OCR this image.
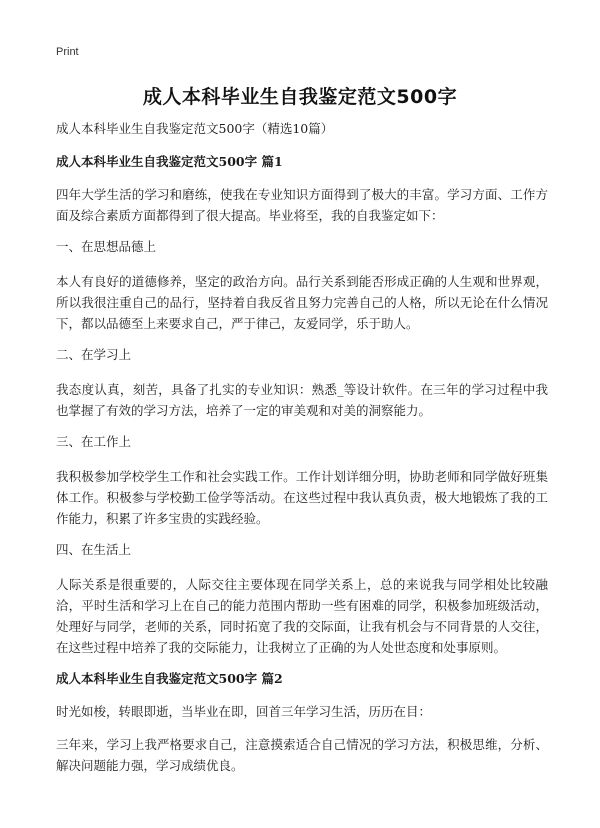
Print
成人本科毕业生自我鉴定范文500字

成人本科毕业生自我鉴定范文500字（精选10篇）

成人本科毕业生自我鉴定范文500字 篇1

四年大学生活的学习和磨练，使我在专业知识方面得到了极大的丰富。学习方面、工作方面及综合素质方面都得到了很大提高。毕业将至，我的自我鉴定如下：

一、在思想品德上

本人有良好的道德修养，坚定的政治方向。品行关系到能否形成正确的人生观和世界观，所以我很注重自己的品行，坚持着自我反省且努力完善自己的人格，所以无论在什么情况下，都以品德至上来要求自己，严于律己，友爱同学，乐于助人。

二、在学习上

我态度认真，刻苦，具备了扎实的专业知识：熟悉_等设计软件。在三年的学习过程中我也掌握了有效的学习方法，培养了一定的审美观和对美的洞察能力。

三、在工作上

我积极参加学校学生工作和社会实践工作。工作计划详细分明，协助老师和同学做好班集体工作。积极参与学校勤工俭学等活动。在这些过程中我认真负责，极大地锻炼了我的工作能力，积累了许多宝贵的实践经验。

四、在生活上

人际关系是很重要的，人际交往主要体现在同学关系上，总的来说我与同学相处比较融洽，平时生活和学习上在自己的能力范围内帮助一些有困难的同学，积极参加班级活动，处理好与同学，老师的关系，同时拓宽了我的交际面，让我有机会与不同背景的人交往，在这些过程中培养了我的交际能力，让我树立了正确的为人处世态度和处事原则。

成人本科毕业生自我鉴定范文500字 篇2

时光如梭，转眼即逝，当毕业在即，回首三年学习生活，历历在目：

三年来，学习上我严格要求自己，注意摸索适合自己情况的学习方法，积极思维，分析、解决问题能力强，学习成绩优良。
